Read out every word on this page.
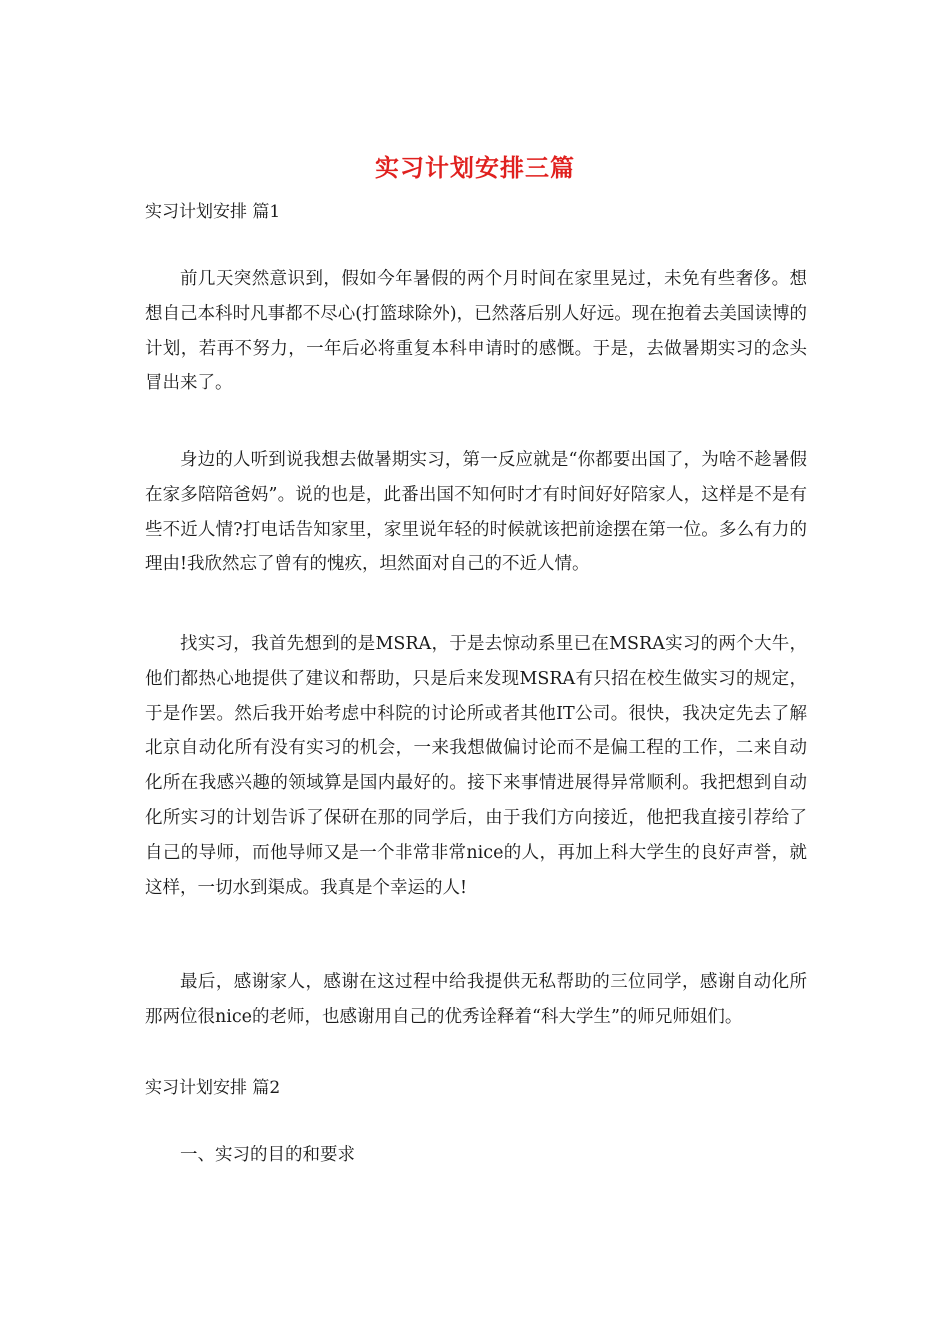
实习计划安排三篇
实习计划安排 篇1

前几天突然意识到，假如今年暑假的两个月时间在家里晃过，未免有些奢侈。想想自己本科时凡事都不尽心(打篮球除外)，已然落后别人好远。现在抱着去美国读博的计划，若再不努力，一年后必将重复本科申请时的感慨。于是，去做暑期实习的念头冒出来了。

身边的人听到说我想去做暑期实习，第一反应就是“你都要出国了，为啥不趁暑假在家多陪陪爸妈”。说的也是，此番出国不知何时才有时间好好陪家人，这样是不是有些不近人情?打电话告知家里，家里说年轻的时候就该把前途摆在第一位。多么有力的理由!我欣然忘了曾有的愧疚，坦然面对自己的不近人情。

找实习，我首先想到的是MSRA，于是去惊动系里已在MSRA实习的两个大牛，他们都热心地提供了建议和帮助，只是后来发现MSRA有只招在校生做实习的规定，于是作罢。然后我开始考虑中科院的讨论所或者其他IT公司。很快，我决定先去了解北京自动化所有没有实习的机会，一来我想做偏讨论而不是偏工程的工作，二来自动化所在我感兴趣的领域算是国内最好的。接下来事情进展得异常顺利。我把想到自动化所实习的计划告诉了保研在那的同学后，由于我们方向接近，他把我直接引荐给了自己的导师，而他导师又是一个非常非常nice的人，再加上科大学生的良好声誉，就这样，一切水到渠成。我真是个幸运的人!

最后，感谢家人，感谢在这过程中给我提供无私帮助的三位同学，感谢自动化所那两位很nice的老师，也感谢用自己的优秀诠释着“科大学生”的师兄师姐们。

实习计划安排 篇2
一、实习的目的和要求
